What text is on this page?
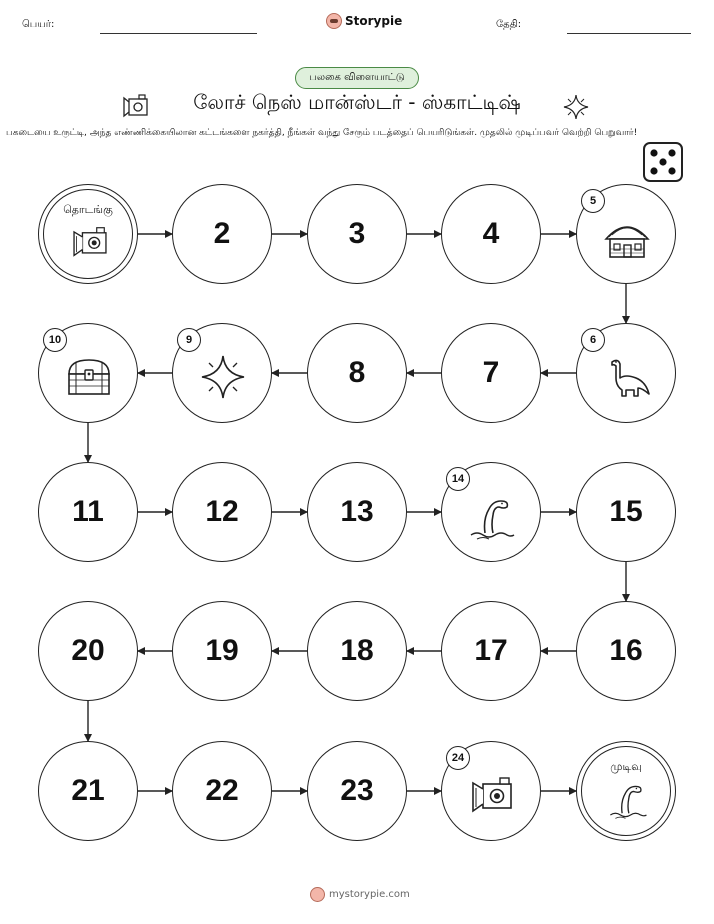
பெயர்:	Storypie	தேதி:
பலகை விளையாட்டு
லோச் நெஸ் மான்ஸ்டர் - ஸ்காட்டிஷ்
பகடையை உருட்டி, அந்த எண்ணிக்கையிலான கட்டங்களை நகர்த்தி, நீங்கள் வந்து சேரும் படத்தைப் பெயரிடுங்கள். முதலில் முடிப்பவர் வெற்றி பெறுவார்!
தொடங்கு
2	3	4
5
6
7
8
9
10
11	12	13
14
15
16
17
18
19
20
21	22	23
24
முடிவு
mystorypie.com
